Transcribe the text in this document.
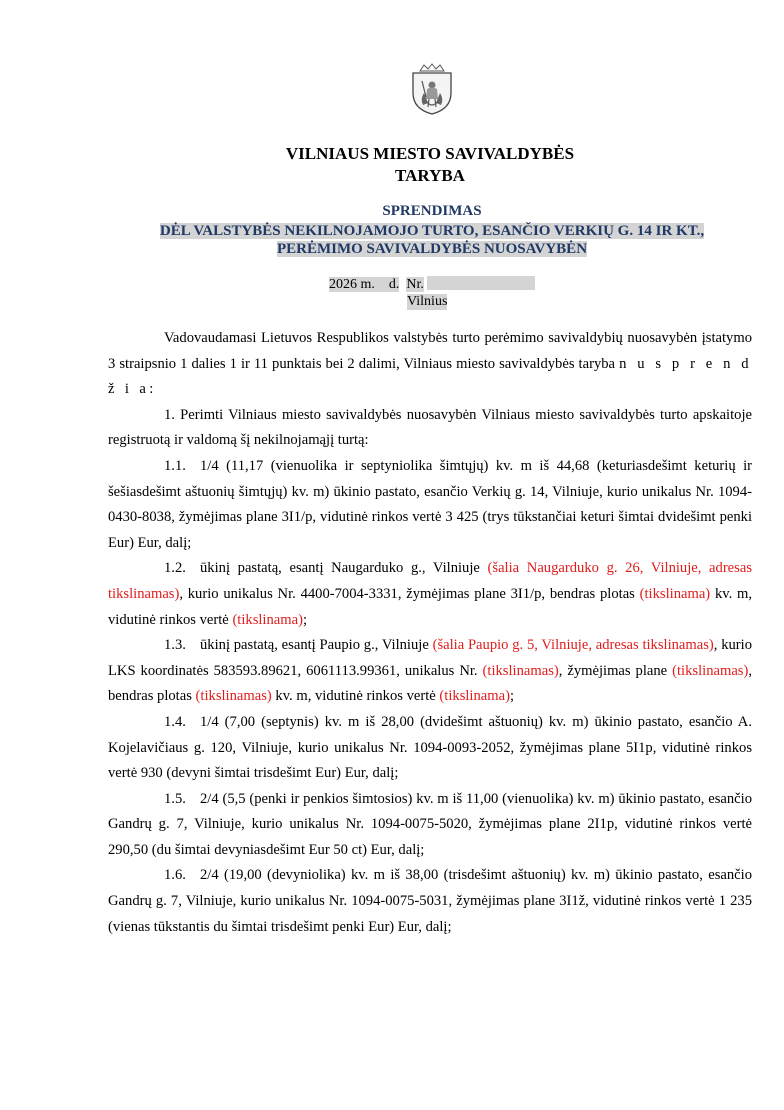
VILNIAUS MIESTO SAVIVALDYBĖS
TARYBA
SPRENDIMAS
DĖL VALSTYBĖS NEKILNOJAMOJO TURTO, ESANČIO VERKIŲ G. 14 IR KT.,
PERĖMIMO SAVIVALDYBĖS NUOSAVYBĖN
2026 m. d. Nr.
Vilnius

Vadovaudamasi Lietuvos Respublikos valstybės turto perėmimo savivaldybių nuosavybėn įstatymo 3 straipsnio 1 dalies 1 ir 11 punktais bei 2 dalimi, Vilniaus miesto savivaldybės taryba n u s p r e n d ž i a:

1. Perimti Vilniaus miesto savivaldybės nuosavybėn Vilniaus miesto savivaldybės turto apskaitoje registruotą ir valdomą šį nekilnojamąjį turtą:

1.1. 1/4 (11,17 (vienuolika ir septyniolika šimtųjų) kv. m iš 44,68 (keturiasdešimt keturių ir šešiasdešimt aštuonių šimtųjų) kv. m) ūkinio pastato, esančio Verkių g. 14, Vilniuje, kurio unikalus Nr. 1094-0430-8038, žymėjimas plane 3I1/p, vidutinė rinkos vertė 3 425 (trys tūkstančiai keturi šimtai dvidešimt penki Eur) Eur, dalį;

1.2. ūkinį pastatą, esantį Naugarduko g., Vilniuje (šalia Naugarduko g. 26, Vilniuje, adresas tikslinamas), kurio unikalus Nr. 4400-7004-3331, žymėjimas plane 3I1/p, bendras plotas (tikslinama) kv. m, vidutinė rinkos vertė (tikslinama);

1.3. ūkinį pastatą, esantį Paupio g., Vilniuje (šalia Paupio g. 5, Vilniuje, adresas tikslinamas), kurio LKS koordinatės 583593.89621, 6061113.99361, unikalus Nr. (tikslinamas), žymėjimas plane (tikslinamas), bendras plotas (tikslinamas) kv. m, vidutinė rinkos vertė (tikslinama);

1.4. 1/4 (7,00 (septynis) kv. m iš 28,00 (dvidešimt aštuonių) kv. m) ūkinio pastato, esančio A. Kojelavičiaus g. 120, Vilniuje, kurio unikalus Nr. 1094-0093-2052, žymėjimas plane 5I1p, vidutinė rinkos vertė 930 (devyni šimtai trisdešimt Eur) Eur, dalį;

1.5. 2/4 (5,5 (penki ir penkios šimtosios) kv. m iš 11,00 (vienuolika) kv. m) ūkinio pastato, esančio Gandrų g. 7, Vilniuje, kurio unikalus Nr. 1094-0075-5020, žymėjimas plane 2I1p, vidutinė rinkos vertė 290,50 (du šimtai devyniasdešimt Eur 50 ct) Eur, dalį;

1.6. 2/4 (19,00 (devyniolika) kv. m iš 38,00 (trisdešimt aštuonių) kv. m) ūkinio pastato, esančio Gandrų g. 7, Vilniuje, kurio unikalus Nr. 1094-0075-5031, žymėjimas plane 3I1ž, vidutinė rinkos vertė 1 235 (vienas tūkstantis du šimtai trisdešimt penki Eur) Eur, dalį;
